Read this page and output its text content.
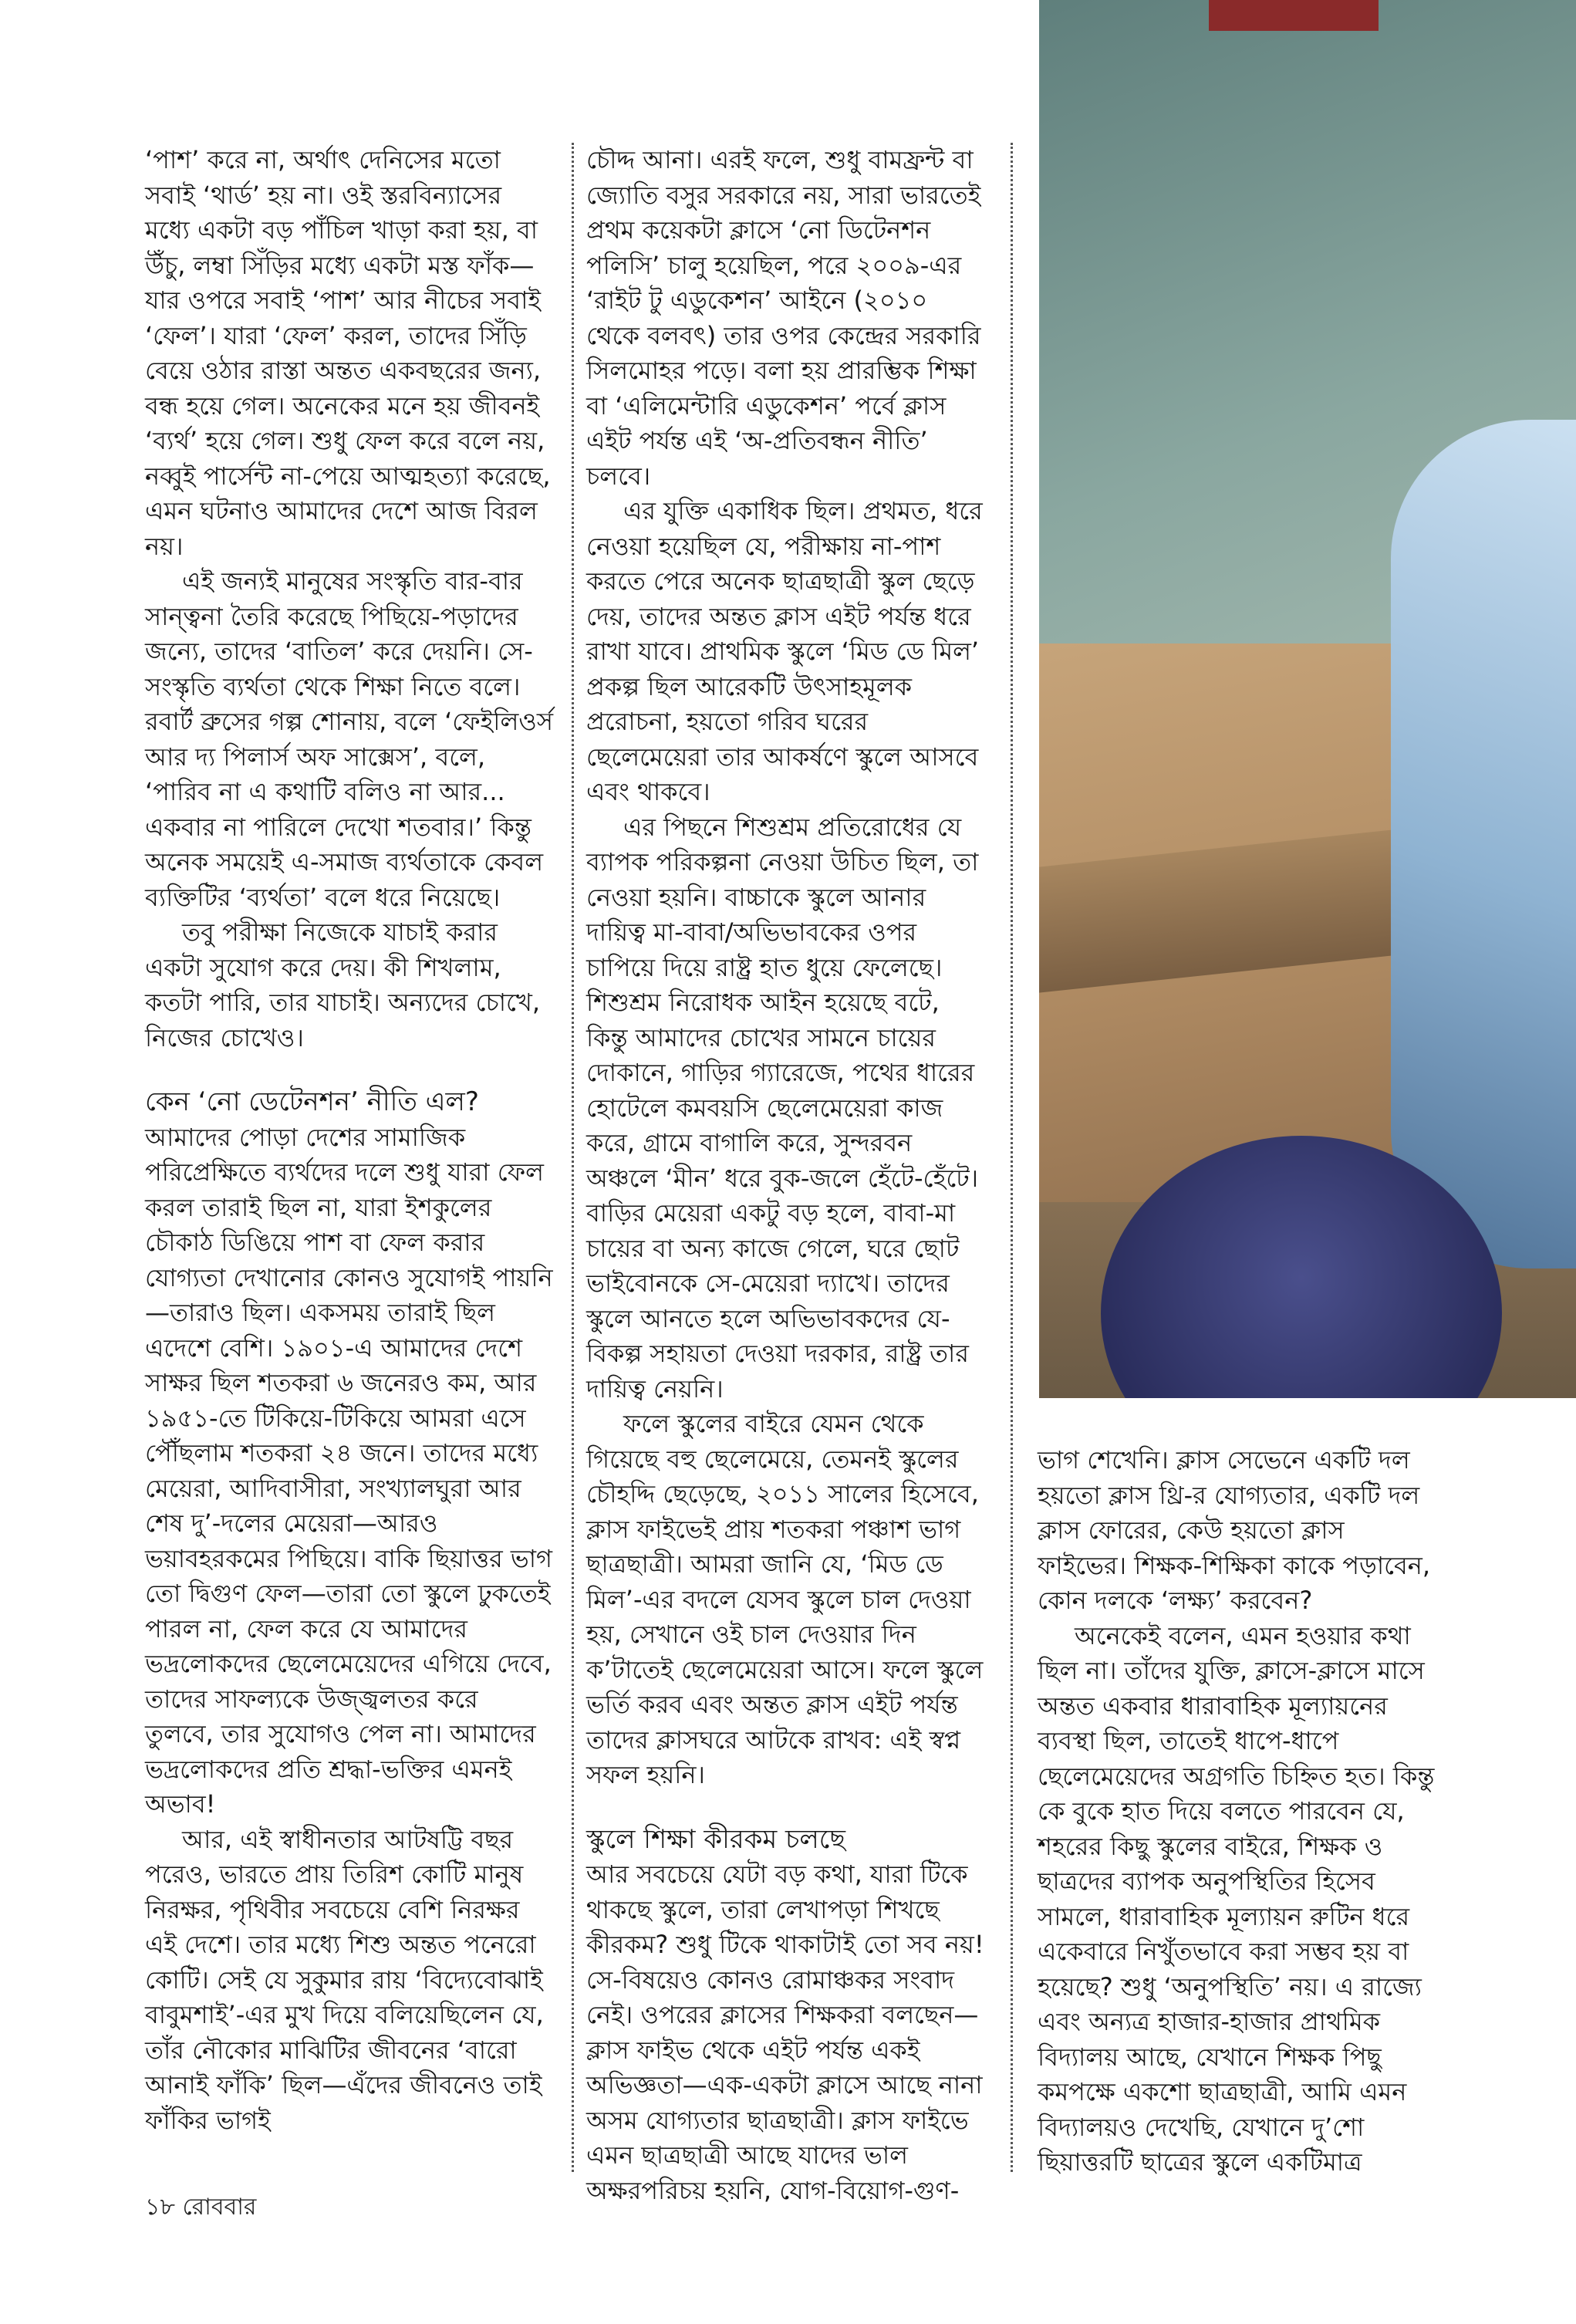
‘পাশ’ করে না, অর্থাৎ দেনিসের মতো সবাই ‘থার্ড’ হয় না। ওই স্তরবিন্যাসের মধ্যে একটা বড় পাঁচিল খাড়া করা হয়, বা উঁচু, লম্বা সিঁড়ির মধ্যে একটা মস্ত ফাঁক—যার ওপরে সবাই ‘পাশ’ আর নীচের সবাই ‘ফেল’। যারা ‘ফেল’ করল, তাদের সিঁড়ি বেয়ে ওঠার রাস্তা অন্তত একবছরের জন্য, বন্ধ হয়ে গেল। অনেকের মনে হয় জীবনই ‘ব্যর্থ’ হয়ে গেল। শুধু ফেল করে বলে নয়, নব্বুই পার্সেন্ট না-পেয়ে আত্মহত্যা করেছে, এমন ঘটনাও আমাদের দেশে আজ বিরল নয়।

এই জন্যই মানুষের সংস্কৃতি বার-বার সান্ত্বনা তৈরি করেছে পিছিয়ে-পড়াদের জন্যে, তাদের ‘বাতিল’ করে দেয়নি। সে-সংস্কৃতি ব্যর্থতা থেকে শিক্ষা নিতে বলে। রবার্ট ব্রুসের গল্প শোনায়, বলে ‘ফেইলিওর্স আর দ্য পিলার্স অফ সাক্সেস’, বলে, ‘পারিব না এ কথাটি বলিও না আর... একবার না পারিলে দেখো শতবার।’ কিন্তু অনেক সময়েই এ-সমাজ ব্যর্থতাকে কেবল ব্যক্তিটির ‘ব্যর্থতা’ বলে ধরে নিয়েছে।

তবু পরীক্ষা নিজেকে যাচাই করার একটা সুযোগ করে দেয়। কী শিখলাম, কতটা পারি, তার যাচাই। অন্যদের চোখে, নিজের চোখেও।

কেন ‘নো ডেটেনশন’ নীতি এল?

আমাদের পোড়া দেশের সামাজিক পরিপ্রেক্ষিতে ব্যর্থদের দলে শুধু যারা ফেল করল তারাই ছিল না, যারা ইশকুলের চৌকাঠ ডিঙিয়ে পাশ বা ফেল করার যোগ্যতা দেখানোর কোনও সুযোগই পায়নি—তারাও ছিল। একসময় তারাই ছিল এদেশে বেশি। ১৯০১-এ আমাদের দেশে সাক্ষর ছিল শতকরা ৬ জনেরও কম, আর ১৯৫১-তে টিকিয়ে-টিকিয়ে আমরা এসে পৌঁছলাম শতকরা ২৪ জনে। তাদের মধ্যে মেয়েরা, আদিবাসীরা, সংখ্যালঘুরা আর শেষ দু’-দলের মেয়েরা—আরও ভয়াবহরকমের পিছিয়ে। বাকি ছিয়াত্তর ভাগ তো দ্বিগুণ ফেল—তারা তো স্কুলে ঢুকতেই পারল না, ফেল করে যে আমাদের ভদ্রলোকদের ছেলেমেয়েদের এগিয়ে দেবে, তাদের সাফল্যকে উজ্জ্বলতর করে তুলবে, তার সুযোগও পেল না। আমাদের ভদ্রলোকদের প্রতি শ্রদ্ধা-ভক্তির এমনই অভাব!

আর, এই স্বাধীনতার আটষট্টি বছর পরেও, ভারতে প্রায় তিরিশ কোটি মানুষ নিরক্ষর, পৃথিবীর সবচেয়ে বেশি নিরক্ষর এই দেশে। তার মধ্যে শিশু অন্তত পনেরো কোটি। সেই যে সুকুমার রায় ‘বিদ্যেবোঝাই বাবুমশাই’-এর মুখ দিয়ে বলিয়েছিলেন যে, তাঁর নৌকোর মাঝিটির জীবনের ‘বারো আনাই ফাঁকি’ ছিল—এঁদের জীবনেও তাই ফাঁকির ভাগই

চৌদ্দ আনা। এরই ফলে, শুধু বামফ্রন্ট বা জ্যোতি বসুর সরকারে নয়, সারা ভারতেই প্রথম কয়েকটা ক্লাসে ‘নো ডিটেনশন পলিসি’ চালু হয়েছিল, পরে ২০০৯-এর ‘রাইট টু এডুকেশন’ আইনে (২০১০ থেকে বলবৎ) তার ওপর কেন্দ্রের সরকারি সিলমোহর পড়ে। বলা হয় প্রারম্ভিক শিক্ষা বা ‘এলিমেন্টারি এডুকেশন’ পর্বে ক্লাস এইট পর্যন্ত এই ‘অ-প্রতিবন্ধন নীতি’ চলবে।

এর যুক্তি একাধিক ছিল। প্রথমত, ধরে নেওয়া হয়েছিল যে, পরীক্ষায় না-পাশ করতে পেরে অনেক ছাত্রছাত্রী স্কুল ছেড়ে দেয়, তাদের অন্তত ক্লাস এইট পর্যন্ত ধরে রাখা যাবে। প্রাথমিক স্কুলে ‘মিড ডে মিল’ প্রকল্প ছিল আরেকটি উৎসাহমূলক প্ররোচনা, হয়তো গরিব ঘরের ছেলেমেয়েরা তার আকর্ষণে স্কুলে আসবে এবং থাকবে।

এর পিছনে শিশুশ্রম প্রতিরোধের যে ব্যাপক পরিকল্পনা নেওয়া উচিত ছিল, তা নেওয়া হয়নি। বাচ্চাকে স্কুলে আনার দায়িত্ব মা-বাবা/অভিভাবকের ওপর চাপিয়ে দিয়ে রাষ্ট্র হাত ধুয়ে ফেলেছে। শিশুশ্রম নিরোধক আইন হয়েছে বটে, কিন্তু আমাদের চোখের সামনে চায়ের দোকানে, গাড়ির গ্যারেজে, পথের ধারের হোটেলে কমবয়সি ছেলেমেয়েরা কাজ করে, গ্রামে বাগালি করে, সুন্দরবন অঞ্চলে ‘মীন’ ধরে বুক-জলে হেঁটে-হেঁটে। বাড়ির মেয়েরা একটু বড় হলে, বাবা-মা চায়ের বা অন্য কাজে গেলে, ঘরে ছোট ভাইবোনকে সে-মেয়েরা দ্যাখে। তাদের স্কুলে আনতে হলে অভিভাবকদের যে-বিকল্প সহায়তা দেওয়া দরকার, রাষ্ট্র তার দায়িত্ব নেয়নি।

ফলে স্কুলের বাইরে যেমন থেকে গিয়েছে বহু ছেলেমেয়ে, তেমনই স্কুলের চৌহদ্দি ছেড়েছে, ২০১১ সালের হিসেবে, ক্লাস ফাইভেই প্রায় শতকরা পঞ্চাশ ভাগ ছাত্রছাত্রী। আমরা জানি যে, ‘মিড ডে মিল’-এর বদলে যেসব স্কুলে চাল দেওয়া হয়, সেখানে ওই চাল দেওয়ার দিন ক’টাতেই ছেলেমেয়েরা আসে। ফলে স্কুলে ভর্তি করব এবং অন্তত ক্লাস এইট পর্যন্ত তাদের ক্লাসঘরে আটকে রাখব: এই স্বপ্ন সফল হয়নি।

স্কুলে শিক্ষা কীরকম চলছে

আর সবচেয়ে যেটা বড় কথা, যারা টিকে থাকছে স্কুলে, তারা লেখাপড়া শিখছে কীরকম? শুধু টিকে থাকাটাই তো সব নয়! সে-বিষয়েও কোনও রোমাঞ্চকর সংবাদ নেই। ওপরের ক্লাসের শিক্ষকরা বলছেন—ক্লাস ফাইভ থেকে এইট পর্যন্ত একই অভিজ্ঞতা—এক-একটা ক্লাসে আছে নানা অসম যোগ্যতার ছাত্রছাত্রী। ক্লাস ফাইভে এমন ছাত্রছাত্রী আছে যাদের ভাল অক্ষরপরিচয় হয়নি, যোগ-বিয়োগ-গুণ-

ভাগ শেখেনি। ক্লাস সেভেনে একটি দল হয়তো ক্লাস থ্রি-র যোগ্যতার, একটি দল ক্লাস ফোরের, কেউ হয়তো ক্লাস ফাইভের। শিক্ষক-শিক্ষিকা কাকে পড়াবেন, কোন দলকে ‘লক্ষ্য’ করবেন?

অনেকেই বলেন, এমন হওয়ার কথা ছিল না। তাঁদের যুক্তি, ক্লাসে-ক্লাসে মাসে অন্তত একবার ধারাবাহিক মূল্যায়নের ব্যবস্থা ছিল, তাতেই ধাপে-ধাপে ছেলেমেয়েদের অগ্রগতি চিহ্নিত হত। কিন্তু কে বুকে হাত দিয়ে বলতে পারবেন যে, শহরের কিছু স্কুলের বাইরে, শিক্ষক ও ছাত্রদের ব্যাপক অনুপস্থিতির হিসেব সামলে, ধারাবাহিক মূল্যায়ন রুটিন ধরে একেবারে নিখুঁতভাবে করা সম্ভব হয় বা হয়েছে? শুধু ‘অনুপস্থিতি’ নয়। এ রাজ্যে এবং অন্যত্র হাজার-হাজার প্রাথমিক বিদ্যালয় আছে, যেখানে শিক্ষক পিছু কমপক্ষে একশো ছাত্রছাত্রী, আমি এমন বিদ্যালয়ও দেখেছি, যেখানে দু’শো ছিয়াত্তরটি ছাত্রের স্কুলে একটিমাত্র

১৮ রোববার
